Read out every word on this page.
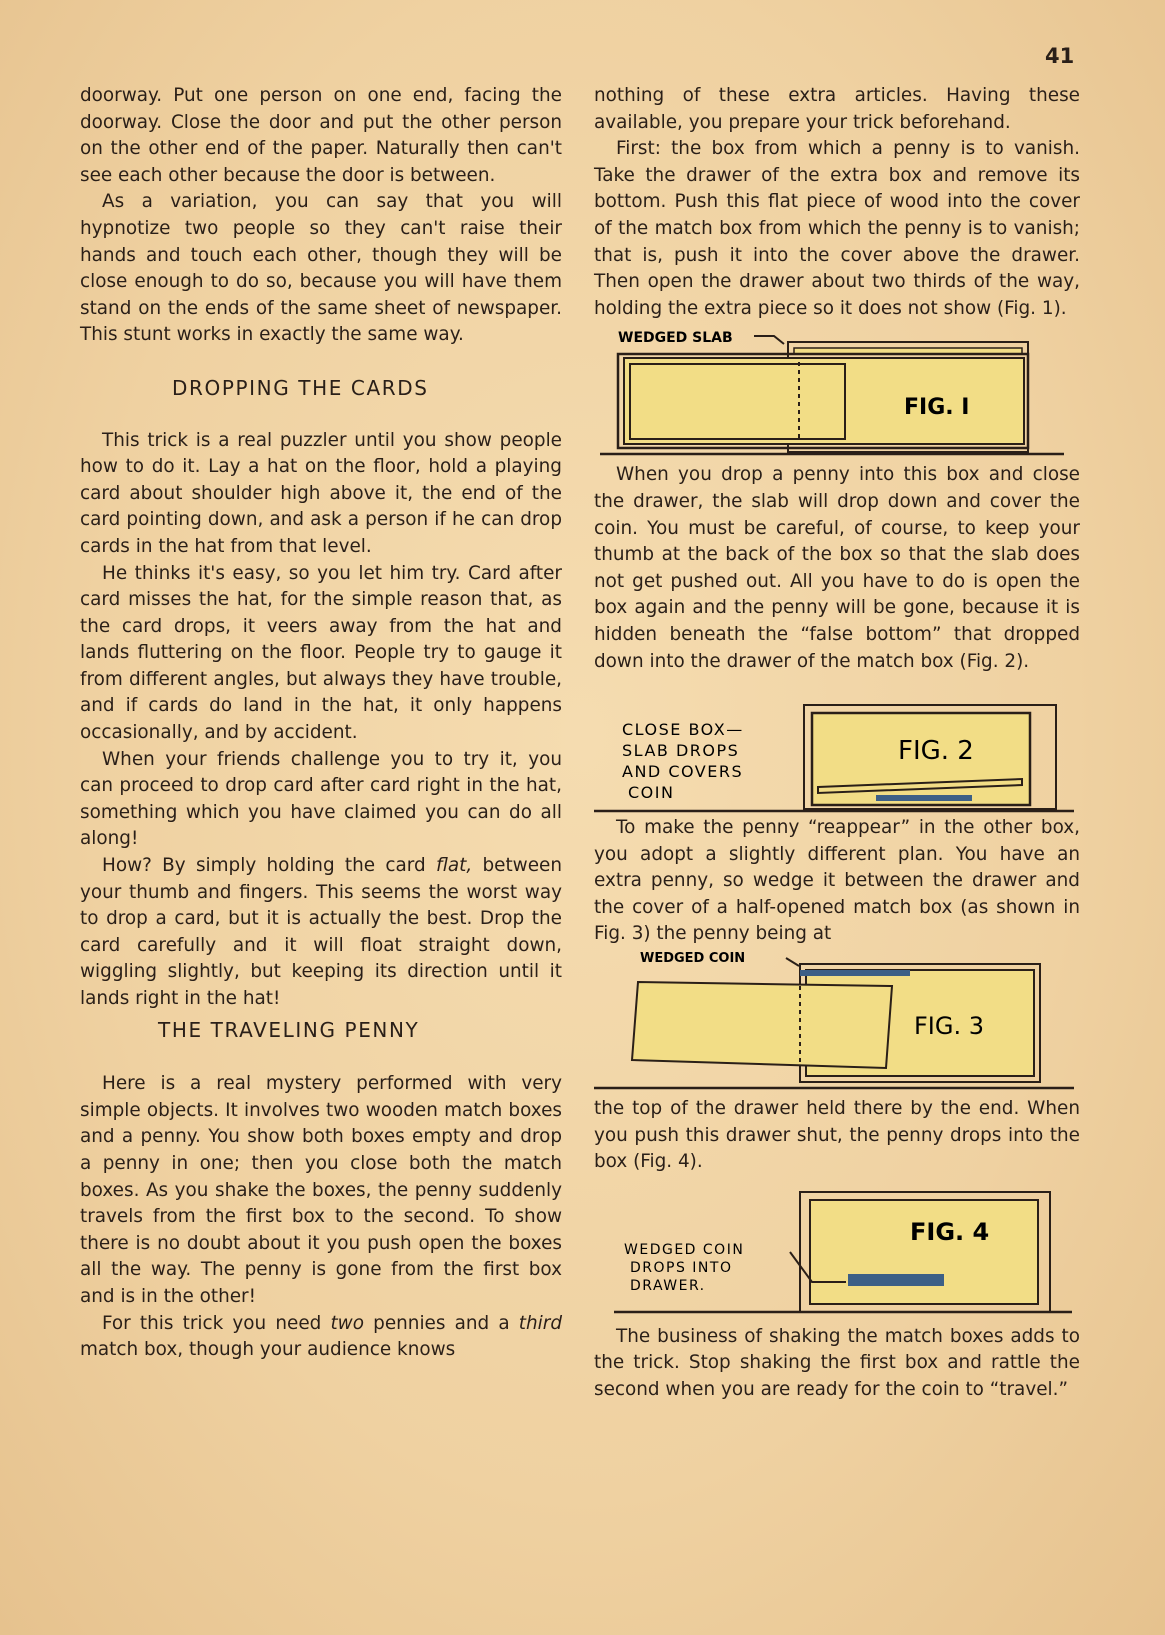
41

doorway. Put one person on one end, facing the doorway. Close the door and put the other person on the other end of the paper. Naturally then can't see each other because the door is between.

As a variation, you can say that you will hypnotize two people so they can't raise their hands and touch each other, though they will be close enough to do so, because you will have them stand on the ends of the same sheet of newspaper. This stunt works in exactly the same way.

DROPPING THE CARDS

This trick is a real puzzler until you show people how to do it. Lay a hat on the floor, hold a playing card about shoulder high above it, the end of the card pointing down, and ask a person if he can drop cards in the hat from that level.

He thinks it's easy, so you let him try. Card after card misses the hat, for the simple reason that, as the card drops, it veers away from the hat and lands fluttering on the floor. People try to gauge it from different angles, but always they have trouble, and if cards do land in the hat, it only happens occasionally, and by accident.

When your friends challenge you to try it, you can proceed to drop card after card right in the hat, something which you have claimed you can do all along!

How? By simply holding the card flat, between your thumb and fingers. This seems the worst way to drop a card, but it is actually the best. Drop the card carefully and it will float straight down, wiggling slightly, but keeping its direction until it lands right in the hat!

THE TRAVELING PENNY

Here is a real mystery performed with very simple objects. It involves two wooden match boxes and a penny. You show both boxes empty and drop a penny in one; then you close both the match boxes. As you shake the boxes, the penny suddenly travels from the first box to the second. To show there is no doubt about it you push open the boxes all the way. The penny is gone from the first box and is in the other!

For this trick you need two pennies and a third match box, though your audience knows

nothing of these extra articles. Having these available, you prepare your trick beforehand.

First: the box from which a penny is to vanish. Take the drawer of the extra box and remove its bottom. Push this flat piece of wood into the cover of the match box from which the penny is to vanish; that is, push it into the cover above the drawer. Then open the drawer about two thirds of the way, holding the extra piece so it does not show (Fig. 1).

WEDGED SLAB
FIG. I

When you drop a penny into this box and close the drawer, the slab will drop down and cover the coin. You must be careful, of course, to keep your thumb at the back of the box so that the slab does not get pushed out. All you have to do is open the box again and the penny will be gone, because it is hidden beneath the “false bottom” that dropped down into the drawer of the match box (Fig. 2).

CLOSE BOX—
SLAB DROPS
AND COVERS
COIN
FIG. 2

To make the penny “reappear” in the other box, you adopt a slightly different plan. You have an extra penny, so wedge it between the drawer and the cover of a half-opened match box (as shown in Fig. 3) the penny being at

WEDGED COIN
FIG. 3

the top of the drawer held there by the end. When you push this drawer shut, the penny drops into the box (Fig. 4).

WEDGED COIN
DROPS INTO
DRAWER.
FIG. 4

The business of shaking the match boxes adds to the trick. Stop shaking the first box and rattle the second when you are ready for the coin to “travel.”
